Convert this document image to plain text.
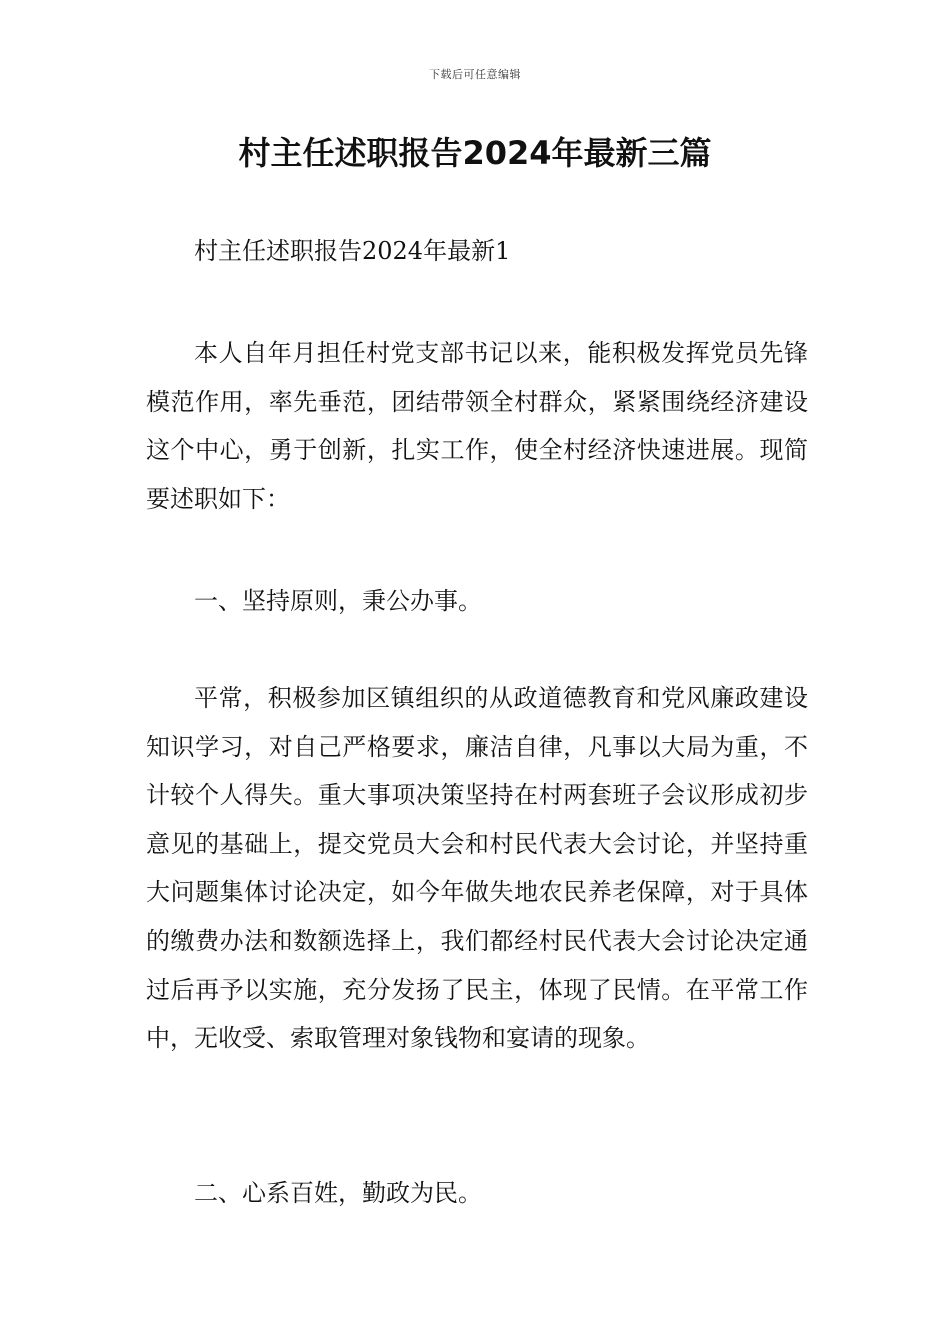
下载后可任意编辑
村主任述职报告2024年最新三篇

村主任述职报告2024年最新1

本人自年月担任村党支部书记以来，能积极发挥党员先锋模范作用，率先垂范，团结带领全村群众，紧紧围绕经济建设这个中心，勇于创新，扎实工作，使全村经济快速进展。现简要述职如下：

一、坚持原则，秉公办事。

平常，积极参加区镇组织的从政道德教育和党风廉政建设知识学习，对自己严格要求，廉洁自律，凡事以大局为重，不计较个人得失。重大事项决策坚持在村两套班子会议形成初步意见的基础上，提交党员大会和村民代表大会讨论，并坚持重大问题集体讨论决定，如今年做失地农民养老保障，对于具体的缴费办法和数额选择上，我们都经村民代表大会讨论决定通过后再予以实施，充分发扬了民主，体现了民情。在平常工作中，无收受、索取管理对象钱物和宴请的现象。

二、心系百姓，勤政为民。
